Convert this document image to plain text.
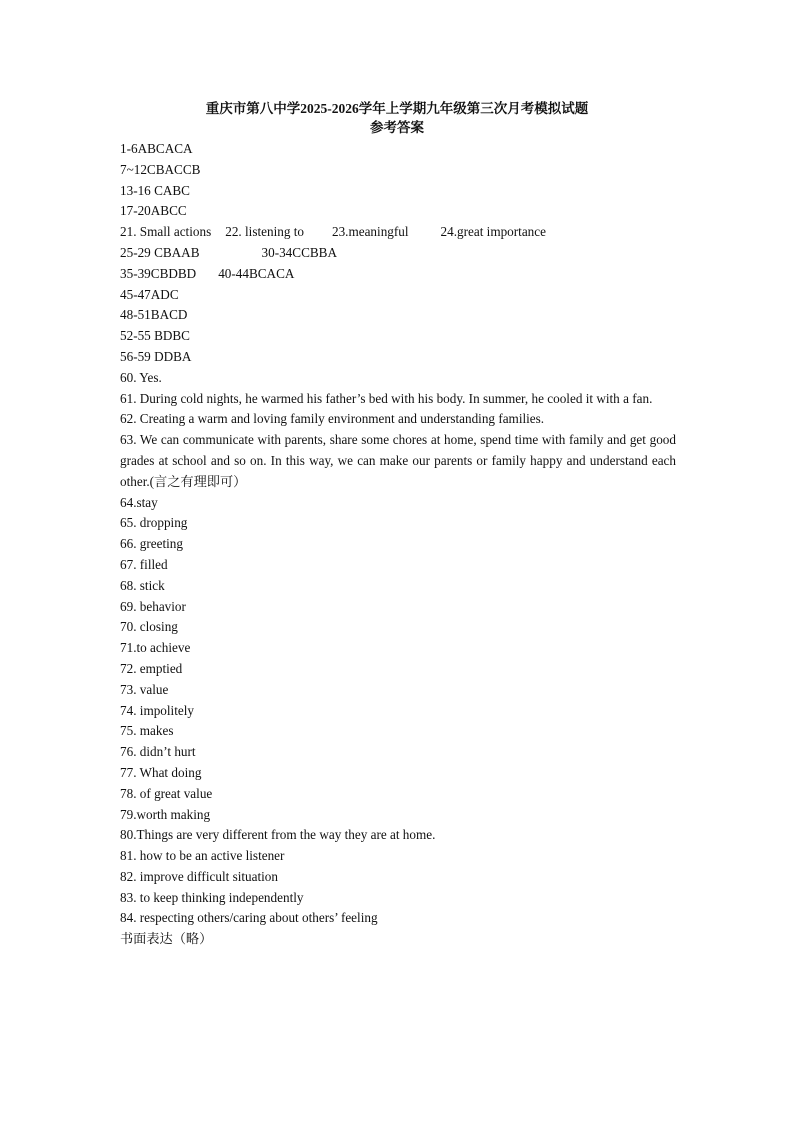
重庆市第八中学2025-2026学年上学期九年级第三次月考模拟试题
参考答案
1-6ABCACA
7~12CBACCB
13-16 CABC
17-20ABCC
21. Small actions 22. listening to 23.meaningful 24.great importance
25-29 CBAAB	30-34CCBBA
35-39CBDBD 40-44BCACA
45-47ADC
48-51BACD
52-55 BDBC
56-59 DDBA
60. Yes.
61. During cold nights, he warmed his father’s bed with his body. In summer, he cooled it with a fan.
62. Creating a warm and loving family environment and understanding families.
63. We can communicate with parents, share some chores at home, spend time with family and get good grades at school and so on. In this way, we can make our parents or family happy and understand each other.(言之有理即可）
64.stay
65. dropping
66. greeting
67. filled
68. stick
69. behavior
70. closing
71.to achieve
72. emptied
73. value
74. impolitely
75. makes
76. didn’t hurt
77. What doing
78. of great value
79.worth making
80.Things are very different from the way they are at home.
81. how to be an active listener
82. improve difficult situation
83. to keep thinking independently
84. respecting others/caring about others’ feeling
书面表达（略）
